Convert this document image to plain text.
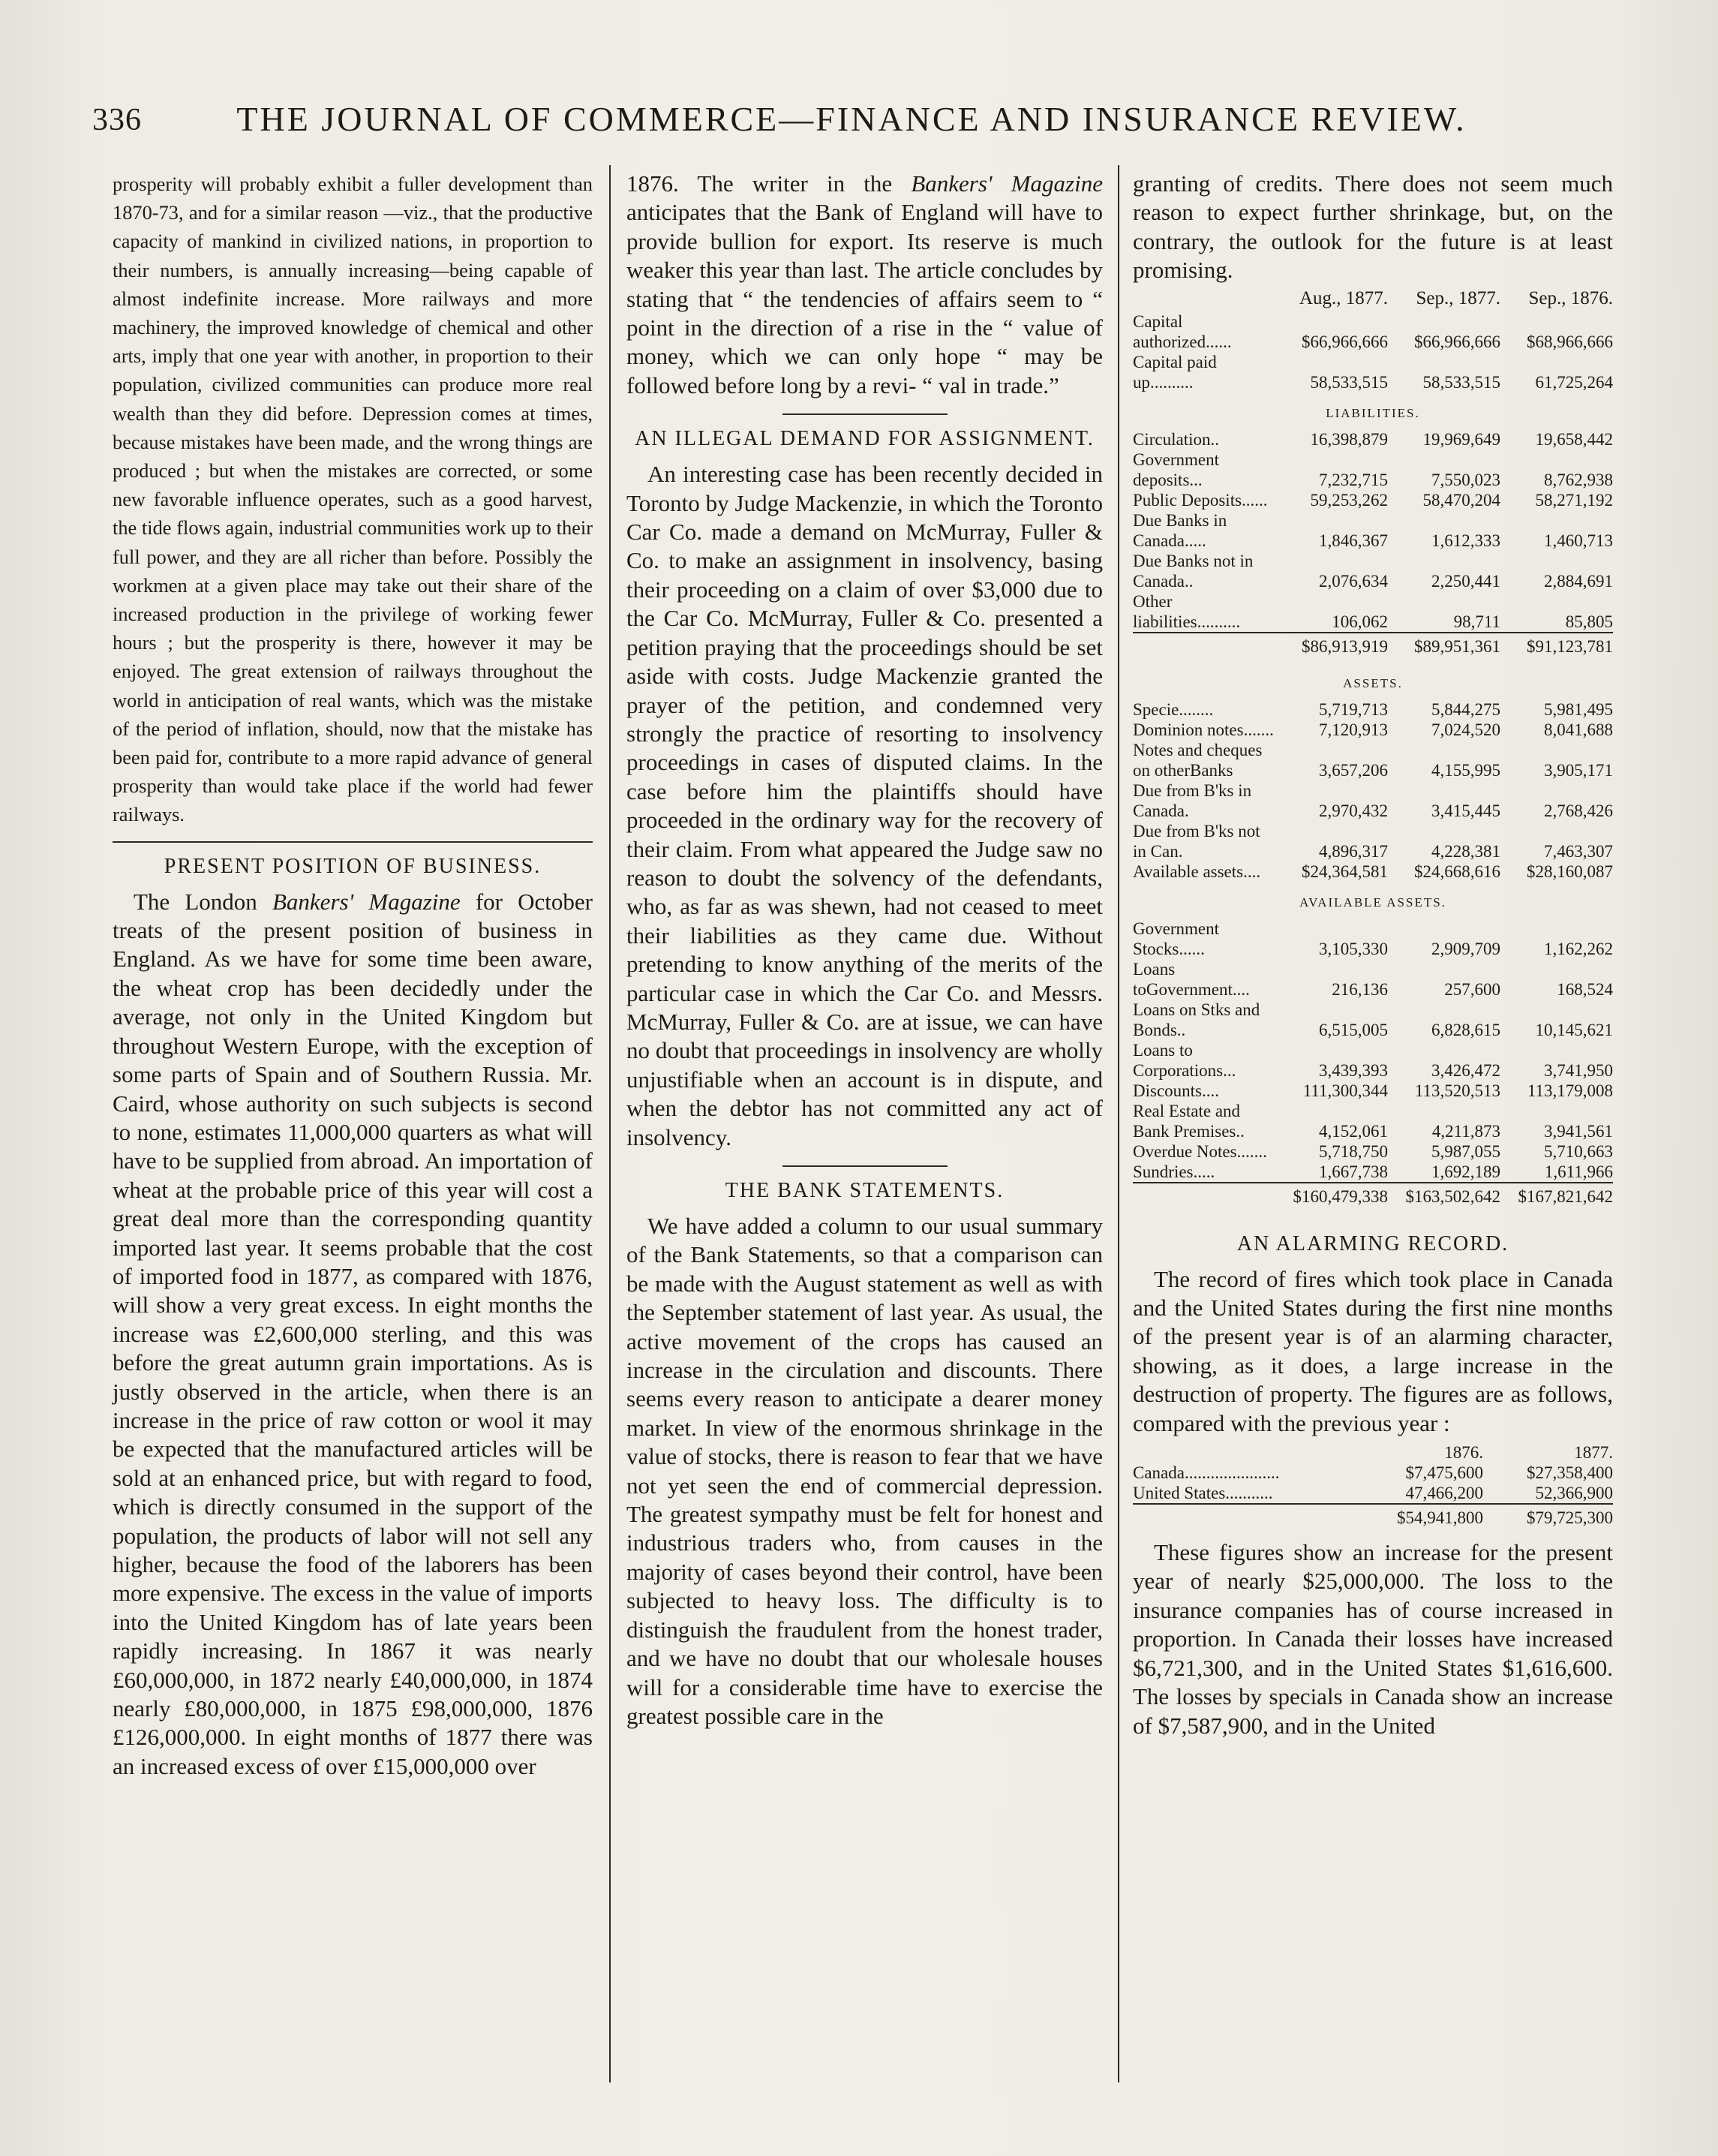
336	THE JOURNAL OF COMMERCE—FINANCE AND INSURANCE REVIEW.

prosperity will probably exhibit a fuller development than 1870-73, and for a similar reason —viz., that the productive capacity of mankind in civilized nations, in proportion to their numbers, is annually increasing—being capable of almost indefinite increase. More railways and more machinery, the improved knowledge of chemical and other arts, imply that one year with another, in proportion to their population, civilized communities can produce more real wealth than they did before. Depression comes at times, because mistakes have been made, and the wrong things are produced ; but when the mistakes are corrected, or some new favorable influence operates, such as a good harvest, the tide flows again, industrial communities work up to their full power, and they are all richer than before. Possibly the workmen at a given place may take out their share of the increased production in the privilege of working fewer hours ; but the prosperity is there, however it may be enjoyed. The great extension of railways throughout the world in anticipation of real wants, which was the mistake of the period of inflation, should, now that the mistake has been paid for, contribute to a more rapid advance of general prosperity than would take place if the world had fewer railways.

PRESENT POSITION OF BUSINESS.

The London Bankers' Magazine for October treats of the present position of business in England. As we have for some time been aware, the wheat crop has been decidedly under the average, not only in the United Kingdom but throughout Western Europe, with the exception of some parts of Spain and of Southern Russia. Mr. Caird, whose authority on such subjects is second to none, estimates 11,000,000 quarters as what will have to be supplied from abroad. An importation of wheat at the probable price of this year will cost a great deal more than the corresponding quantity imported last year. It seems probable that the cost of imported food in 1877, as compared with 1876, will show a very great excess. In eight months the increase was £2,600,000 sterling, and this was before the great autumn grain importations. As is justly observed in the article, when there is an increase in the price of raw cotton or wool it may be expected that the manufactured articles will be sold at an enhanced price, but with regard to food, which is directly consumed in the support of the population, the products of labor will not sell any higher, because the food of the laborers has been more expensive. The excess in the value of imports into the United Kingdom has of late years been rapidly increasing. In 1867 it was nearly £60,000,000, in 1872 nearly £40,000,000, in 1874 nearly £80,000,000, in 1875 £98,000,000, 1876 £126,000,000. In eight months of 1877 there was an increased excess of over £15,000,000 over

1876. The writer in the Bankers' Magazine anticipates that the Bank of England will have to provide bullion for export. Its reserve is much weaker this year than last. The article concludes by stating that “ the tendencies of affairs seem to “ point in the direction of a rise in the “ value of money, which we can only hope “ may be followed before long by a revi- “ val in trade.”

AN ILLEGAL DEMAND FOR ASSIGNMENT.

An interesting case has been recently decided in Toronto by Judge Mackenzie, in which the Toronto Car Co. made a demand on McMurray, Fuller & Co. to make an assignment in insolvency, basing their proceeding on a claim of over $3,000 due to the Car Co. McMurray, Fuller & Co. presented a petition praying that the proceedings should be set aside with costs. Judge Mackenzie granted the prayer of the petition, and condemned very strongly the practice of resorting to insolvency proceedings in cases of disputed claims. In the case before him the plaintiffs should have proceeded in the ordinary way for the recovery of their claim. From what appeared the Judge saw no reason to doubt the solvency of the defendants, who, as far as was shewn, had not ceased to meet their liabilities as they came due. Without pretending to know anything of the merits of the particular case in which the Car Co. and Messrs. McMurray, Fuller & Co. are at issue, we can have no doubt that proceedings in insolvency are wholly unjustifiable when an account is in dispute, and when the debtor has not committed any act of insolvency.

THE BANK STATEMENTS.

We have added a column to our usual summary of the Bank Statements, so that a comparison can be made with the August statement as well as with the September statement of last year. As usual, the active movement of the crops has caused an increase in the circulation and discounts. There seems every reason to anticipate a dearer money market. In view of the enormous shrinkage in the value of stocks, there is reason to fear that we have not yet seen the end of commercial depression. The greatest sympathy must be felt for honest and industrious traders who, from causes in the majority of cases beyond their control, have been subjected to heavy loss. The difficulty is to distinguish the fraudulent from the honest trader, and we have no doubt that our wholesale houses will for a considerable time have to exercise the greatest possible care in the

granting of credits. There does not seem much reason to expect further shrinkage, but, on the contrary, the outlook for the future is at least promising.

	Aug., 1877.	Sep., 1877.	Sep., 1876.
Capital authorized......	$66,966,666	$66,966,666	$68,966,666
Capital paid up..........	58,533,515	58,533,515	61,725,264
LIABILITIES.			
Circulation..	16,398,879	19,969,649	19,658,442
Government deposits...	7,232,715	7,550,023	8,762,938
Public Deposits......	59,253,262	58,470,204	58,271,192
Due Banks in Canada.....	1,846,367	1,612,333	1,460,713
Due Banks not in Canada..	2,076,634	2,250,441	2,884,691
Other liabilities..........	106,062	98,711	85,805
	$86,913,919	$89,951,361	$91,123,781
ASSETS.			
Specie........	5,719,713	5,844,275	5,981,495
Dominion notes.......	7,120,913	7,024,520	8,041,688
Notes and cheques on otherBanks	3,657,206	4,155,995	3,905,171
Due from B'ks in Canada.	2,970,432	3,415,445	2,768,426
Due from B'ks not in Can.	4,896,317	4,228,381	7,463,307
Available assets....	$24,364,581	$24,668,616	$28,160,087
AVAILABLE ASSETS.			
Government Stocks......	3,105,330	2,909,709	1,162,262
Loans toGovernment....	216,136	257,600	168,524
Loans on Stks and Bonds..	6,515,005	6,828,615	10,145,621
Loans to Corporations...	3,439,393	3,426,472	3,741,950
Discounts....	111,300,344	113,520,513	113,179,008
Real Estate and Bank Premises..	4,152,061	4,211,873	3,941,561
Overdue Notes.......	5,718,750	5,987,055	5,710,663
Sundries.....	1,667,738	1,692,189	1,611,966
	$160,479,338	$163,502,642	$167,821,642
AN ALARMING RECORD.

The record of fires which took place in Canada and the United States during the first nine months of the present year is of an alarming character, showing, as it does, a large increase in the destruction of property. The figures are as follows, compared with the previous year :

	1876.	1877.
Canada......................	$7,475,600	$27,358,400
United States...........	47,466,200	52,366,900
	$54,941,800	$79,725,300

These figures show an increase for the present year of nearly $25,000,000. The loss to the insurance companies has of course increased in proportion. In Canada their losses have increased $6,721,300, and in the United States $1,616,600. The losses by specials in Canada show an increase of $7,587,900, and in the United
